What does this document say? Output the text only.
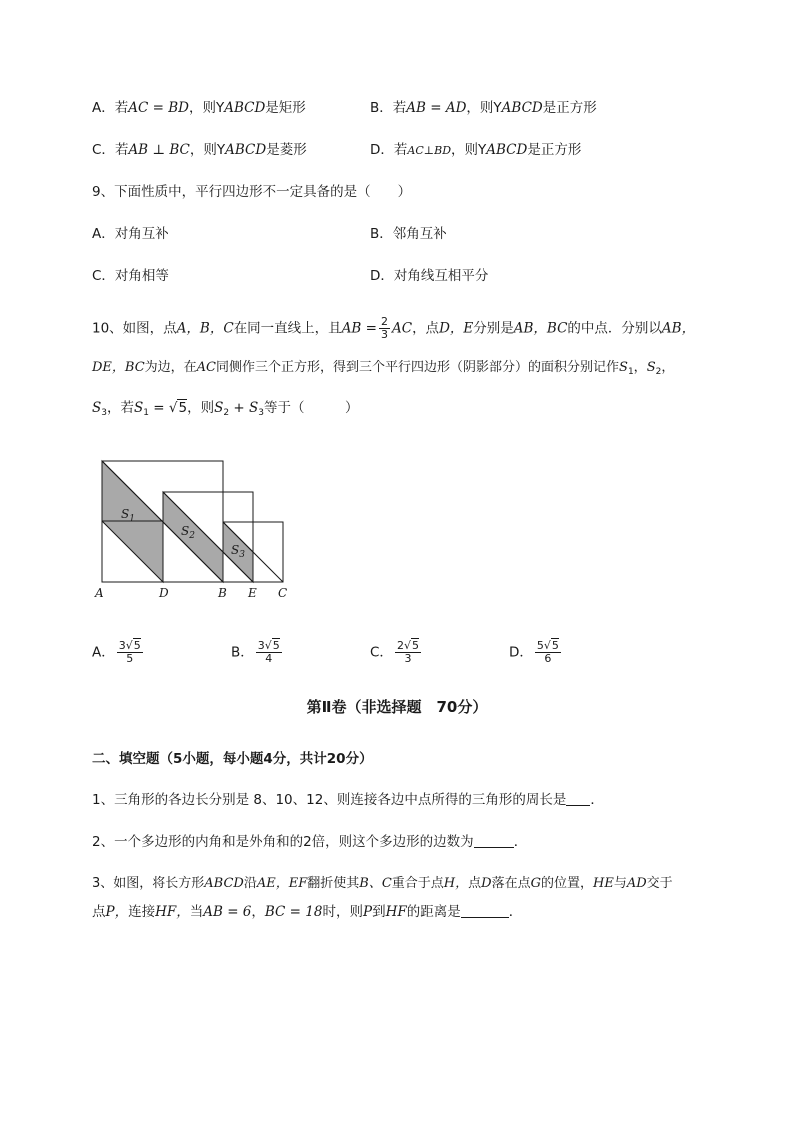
A．若AC = BD，则YABCD是矩形	B．若AB = AD，则YABCD是正方形
C．若AB ⊥ BC，则YABCD是菱形	D．若AC⊥BD，则YABCD是正方形
9、下面性质中，平行四边形不一定具备的是（　　）
A．对角互补	B．邻角互补
C．对角相等	D．对角线互相平分
10、如图，点A，B，C在同一直线上，且AB = $\frac{2}{3}$ AC，点D，E分别是AB，BC的中点．分别以AB，
DE，BC为边，在AC同侧作三个正方形，得到三个平行四边形（阴影部分）的面积分别记作$S_1$，$S_2$，
$S_3$，若$S_1 = √5$，则$S_2 + S_3$等于（　　　）
$S_1$
$S_2$
$S_3$
A	D	B E C
A． $\frac{3√5}{5}$	B． $\frac{3√5}{4}$	C． $\frac{2√5}{3}$	D． $\frac{5√5}{6}$
第Ⅱ卷（非选择题　70分）
二、填空题（5小题，每小题4分，共计20分）
1、三角形的各边长分别是 8、10、12、则连接各边中点所得的三角形的周长是 ．
2、一个多边形的内角和是外角和的2倍，则这个多边形的边数为	．
3、如图，将长方形ABCD沿AE，EF翻折使其B、C重合于点H，点D落在点G的位置，HE与AD交于
点P，连接HF，当AB = 6，BC = 18时，则P到HF的距离是	．
